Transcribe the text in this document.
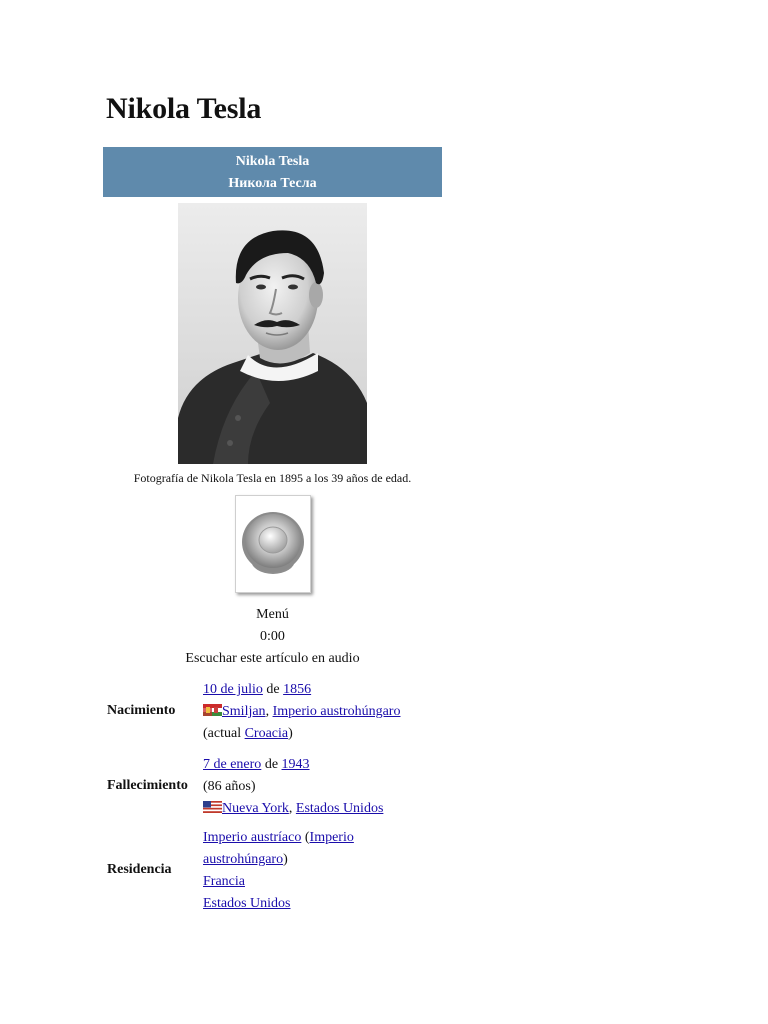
Nikola Tesla
Nikola Tesla
Никола Тесла
Fotografía de Nikola Tesla en 1895 a los 39 años de edad.
Menú
0:00
Escuchar este artículo en audio
Nacimiento
10 de julio de 1856
Smiljan, Imperio austrohúngaro
(actual Croacia)
Fallecimiento
7 de enero de 1943
(86 años)
Nueva York, Estados Unidos
Residencia
Imperio austríaco (Imperio
austrohúngaro)
Francia
Estados Unidos
